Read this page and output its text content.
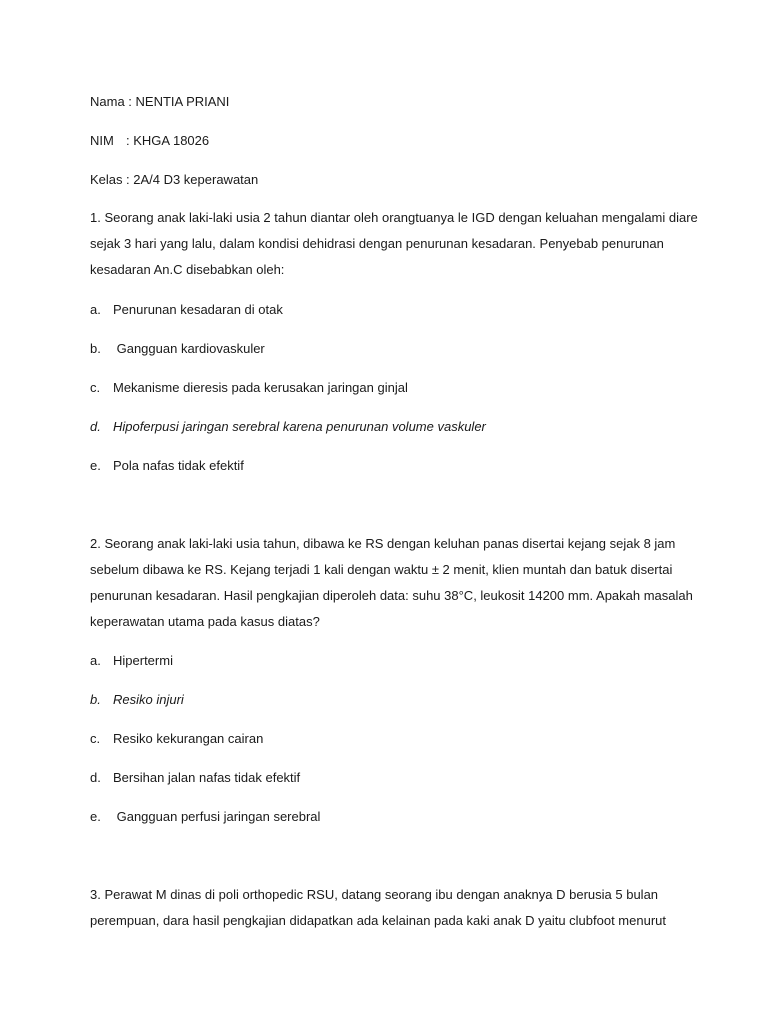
Nama : NENTIA PRIANI
NIM : KHGA 18026
Kelas : 2A/4 D3 keperawatan
1. Seorang anak laki-laki usia 2 tahun diantar oleh orangtuanya le IGD dengan keluahan mengalami diare
sejak 3 hari yang lalu, dalam kondisi dehidrasi dengan penurunan kesadaran. Penyebab penurunan
kesadaran An.C disebabkan oleh:
a. Penurunan kesadaran di otak
b. Gangguan kardiovaskuler
c. Mekanisme dieresis pada kerusakan jaringan ginjal
d. Hipoferpusi jaringan serebral karena penurunan volume vaskuler
e. Pola nafas tidak efektif
2. Seorang anak laki-laki usia tahun, dibawa ke RS dengan keluhan panas disertai kejang sejak 8 jam
sebelum dibawa ke RS. Kejang terjadi 1 kali dengan waktu ± 2 menit, klien muntah dan batuk disertai
penurunan kesadaran. Hasil pengkajian diperoleh data: suhu 38°C, leukosit 14200 mm. Apakah masalah
keperawatan utama pada kasus diatas?
a. Hipertermi
b. Resiko injuri
c. Resiko kekurangan cairan
d. Bersihan jalan nafas tidak efektif
e. Gangguan perfusi jaringan serebral
3. Perawat M dinas di poli orthopedic RSU, datang seorang ibu dengan anaknya D berusia 5 bulan
perempuan, dara hasil pengkajian didapatkan ada kelainan pada kaki anak D yaitu clubfoot menurut
